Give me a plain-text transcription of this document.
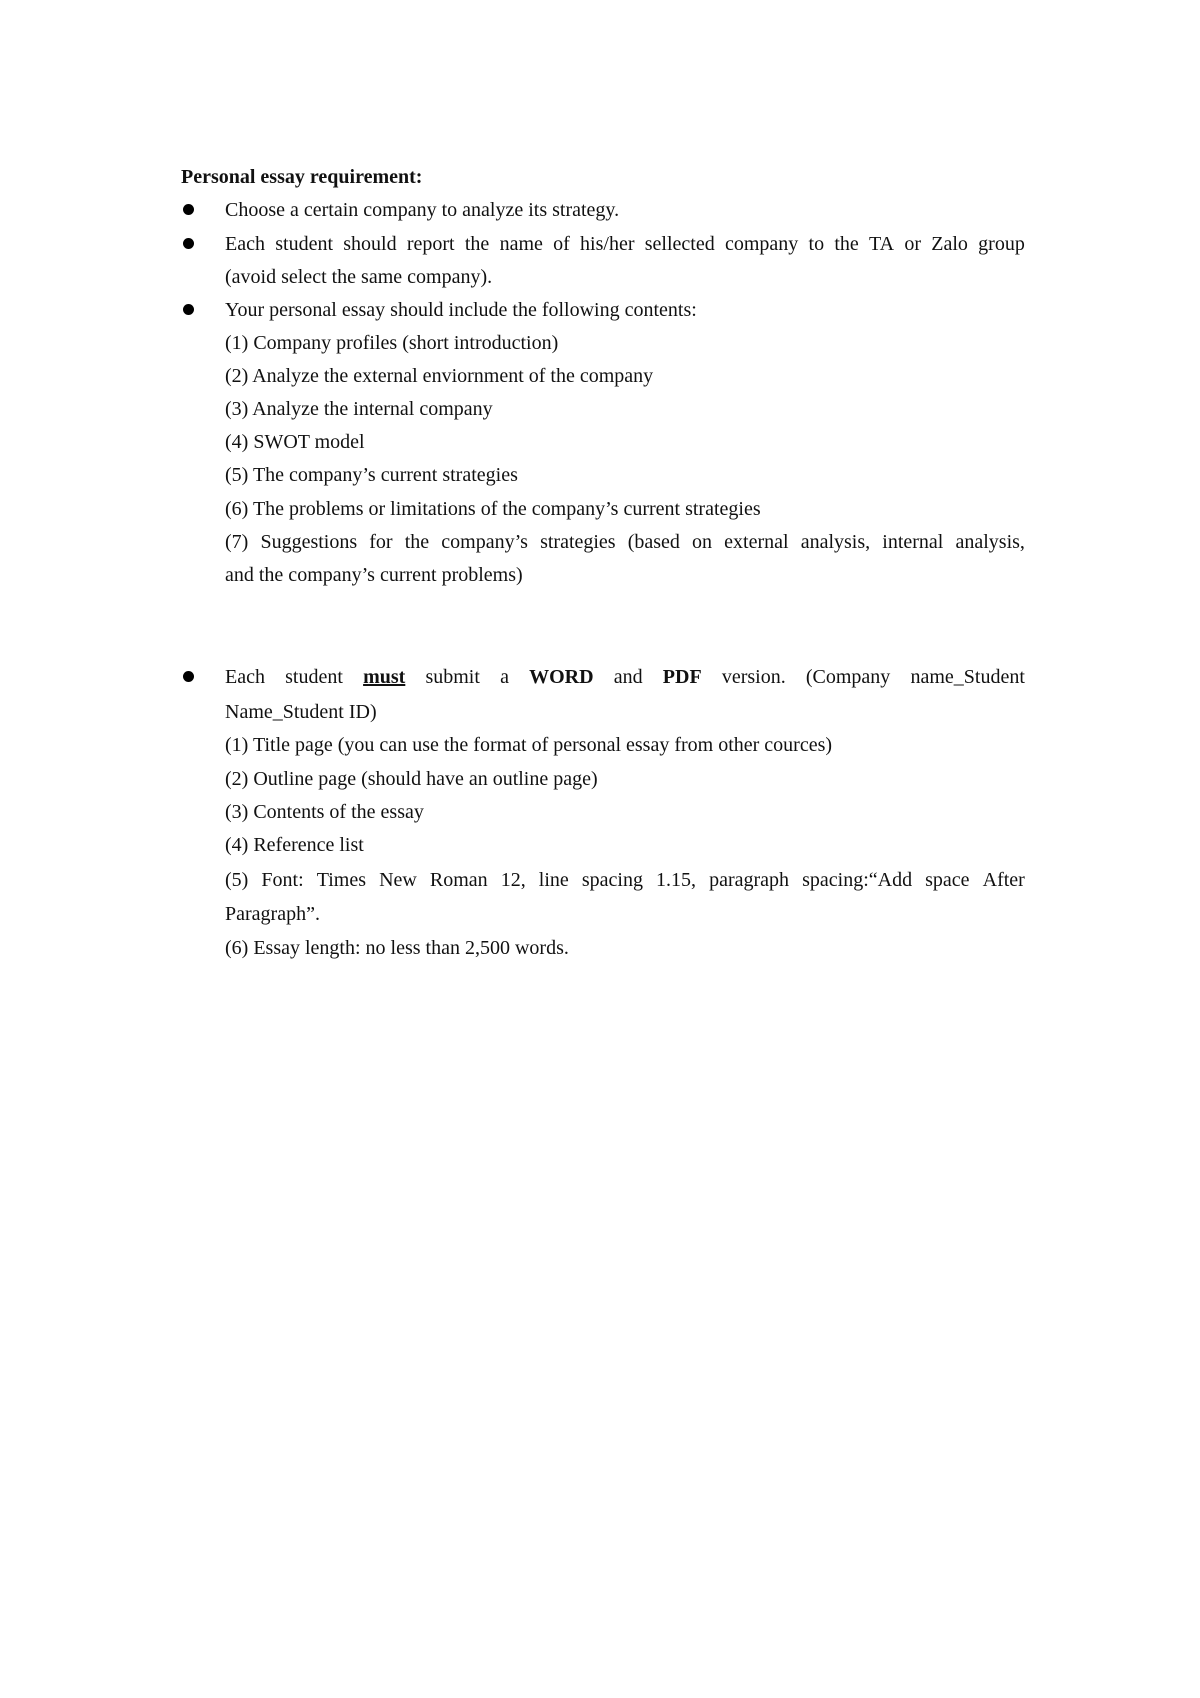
Personal essay requirement:
Choose a certain company to analyze its strategy.
Each student should report the name of his/her sellected company to the TA or Zalo group
(avoid select the same company).
Your personal essay should include the following contents:
(1) Company profiles (short introduction)
(2) Analyze the external enviornment of the company
(3) Analyze the internal company
(4) SWOT model
(5) The company’s current strategies
(6) The problems or limitations of the company’s current strategies
(7) Suggestions for the company’s strategies (based on external analysis, internal analysis,
and the company’s current problems)
Each student must submit a WORD and PDF version. (Company name_Student
Name_Student ID)
(1) Title page (you can use the format of personal essay from other cources)
(2) Outline page (should have an outline page)
(3) Contents of the essay
(4) Reference list
(5) Font: Times New Roman 12, line spacing 1.15, paragraph spacing:“Add space After
Paragraph”.
(6) Essay length: no less than 2,500 words.
